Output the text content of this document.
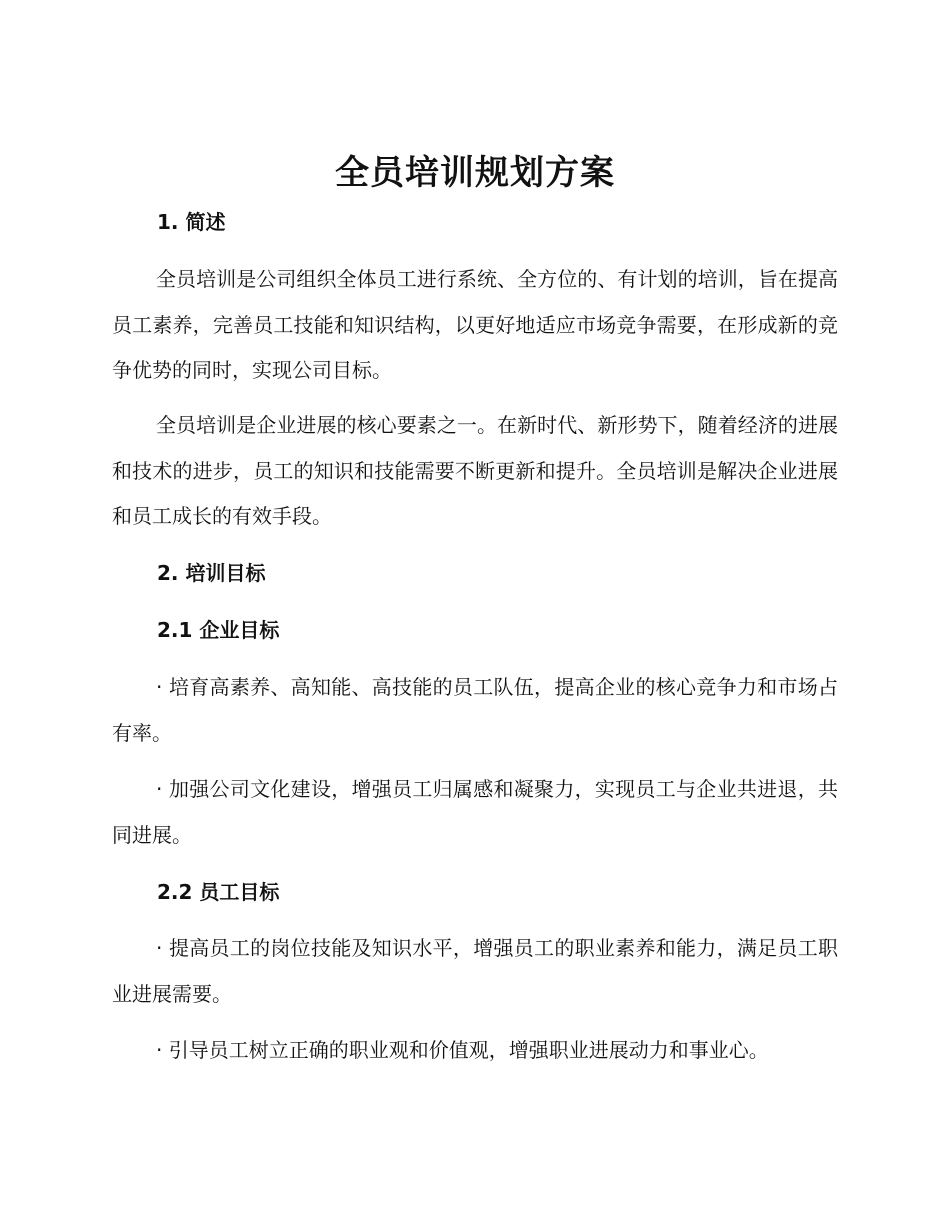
全员培训规划方案
1. 简述

全员培训是公司组织全体员工进行系统、全方位的、有计划的培训，旨在提高员工素养，完善员工技能和知识结构，以更好地适应市场竞争需要，在形成新的竞争优势的同时，实现公司目标。

全员培训是企业进展的核心要素之一。在新时代、新形势下，随着经济的进展和技术的进步，员工的知识和技能需要不断更新和提升。全员培训是解决企业进展和员工成长的有效手段。

2. 培训目标
2.1 企业目标

· 培育高素养、高知能、高技能的员工队伍，提高企业的核心竞争力和市场占有率。

· 加强公司文化建设，增强员工归属感和凝聚力，实现员工与企业共进退，共同进展。

2.2 员工目标

· 提高员工的岗位技能及知识水平，增强员工的职业素养和能力，满足员工职业进展需要。

· 引导员工树立正确的职业观和价值观，增强职业进展动力和事业心。
